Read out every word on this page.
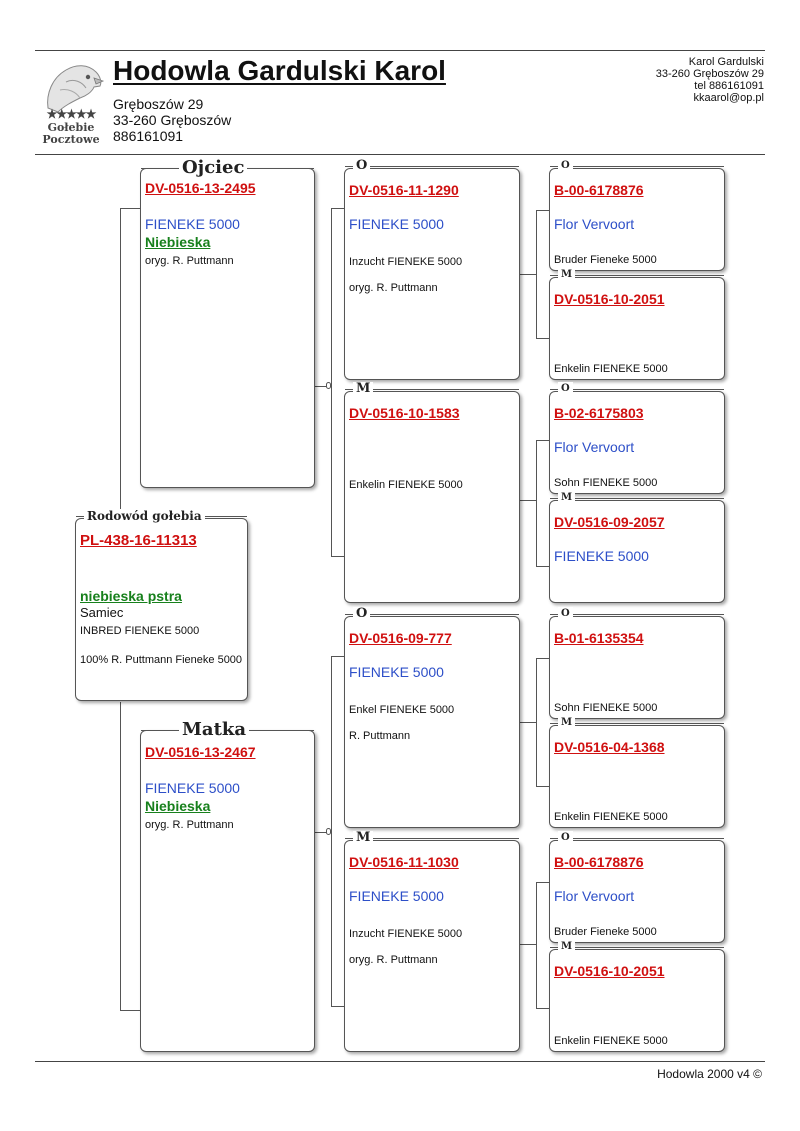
★★★★★
Gołebie
Pocztowe
Hodowla Gardulski Karol
Gręboszów 29
33-260 Gręboszów
886161091
Karol Gardulski
33-260 Gręboszów 29
tel 886161091
kkaarol@op.pl
Rodowód gołebia
PL-438-16-11313
niebieska pstra
Samiec
INBRED FIENEKE 5000
100% R. Puttmann Fieneke 5000
Ojciec
DV-0516-13-2495
FIENEKE 5000
Niebieska
oryg. R. Puttmann
Matka
DV-0516-13-2467
FIENEKE 5000
Niebieska
oryg. R. Puttmann
O
DV-0516-11-1290
FIENEKE 5000
Inzucht FIENEKE 5000
oryg. R. Puttmann
M
DV-0516-10-1583
Enkelin FIENEKE 5000
O
DV-0516-09-777
FIENEKE 5000
Enkel FIENEKE 5000
R. Puttmann
M
DV-0516-11-1030
FIENEKE 5000
Inzucht FIENEKE 5000
oryg. R. Puttmann
O
B-00-6178876
Flor Vervoort
Bruder Fieneke 5000
M
DV-0516-10-2051
Enkelin FIENEKE 5000
O
B-02-6175803
Flor Vervoort
Sohn FIENEKE 5000
M
DV-0516-09-2057
FIENEKE 5000
O
B-01-6135354
Sohn FIENEKE 5000
M
DV-0516-04-1368
Enkelin FIENEKE 5000
O
B-00-6178876
Flor Vervoort
Bruder Fieneke 5000
M
DV-0516-10-2051
Enkelin FIENEKE 5000
Hodowla 2000 v4 ©
